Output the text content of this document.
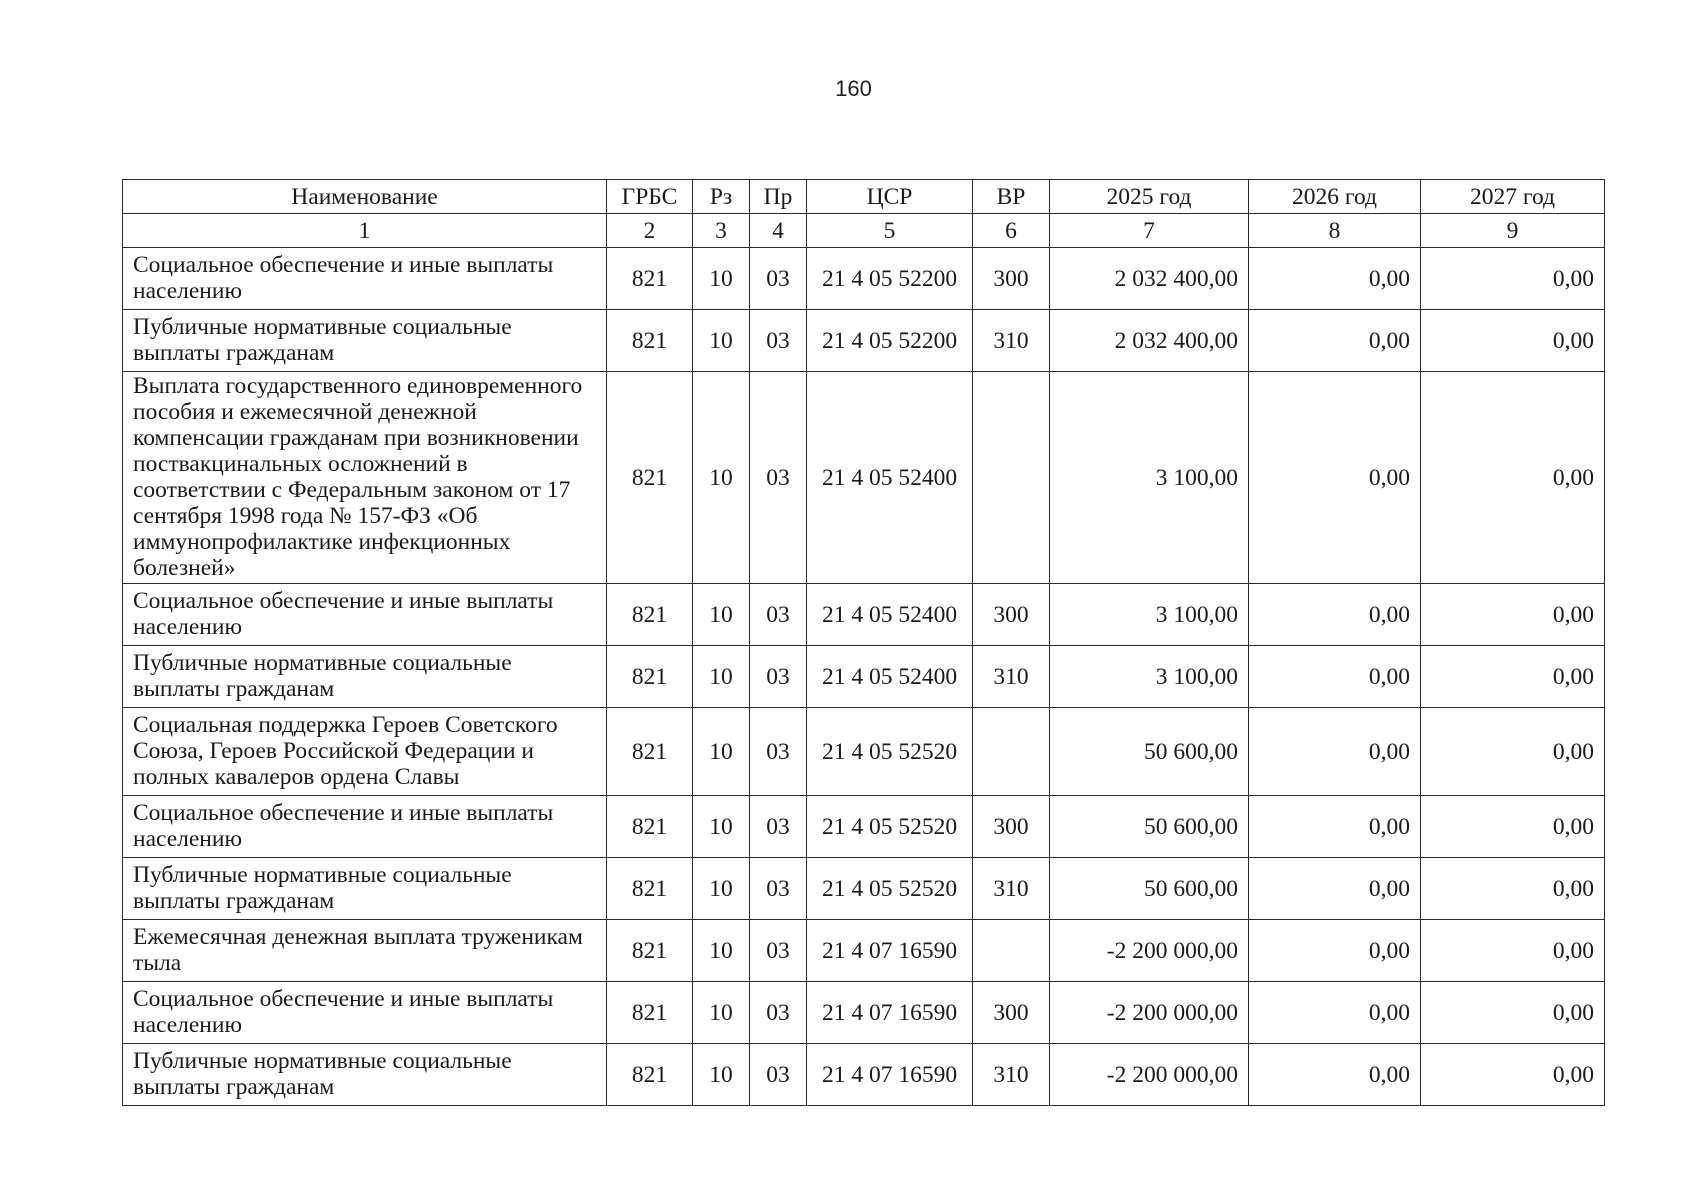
160
Наименование	ГРБС	Рз	Пр	ЦСР	ВР	2025 год	2026 год	2027 год
1	2	3	4	5	6	7	8	9
Социальное обеспечение и иные выплаты населению	821	10	03	21 4 05 52200	300	2 032 400,00	0,00	0,00
Публичные нормативные социальные выплаты гражданам	821	10	03	21 4 05 52200	310	2 032 400,00	0,00	0,00
Выплата государственного единовременного пособия и ежемесячной денежной компенсации гражданам при возникновении поствакцинальных осложнений в соответствии с Федеральным законом от 17 сентября 1998 года № 157-ФЗ «Об иммунопрофилактике инфекционных болезней»	821	10	03	21 4 05 52400		3 100,00	0,00	0,00
Социальное обеспечение и иные выплаты населению	821	10	03	21 4 05 52400	300	3 100,00	0,00	0,00
Публичные нормативные социальные выплаты гражданам	821	10	03	21 4 05 52400	310	3 100,00	0,00	0,00
Социальная поддержка Героев Советского Союза, Героев Российской Федерации и полных кавалеров ордена Славы	821	10	03	21 4 05 52520		50 600,00	0,00	0,00
Социальное обеспечение и иные выплаты населению	821	10	03	21 4 05 52520	300	50 600,00	0,00	0,00
Публичные нормативные социальные выплаты гражданам	821	10	03	21 4 05 52520	310	50 600,00	0,00	0,00
Ежемесячная денежная выплата труженикам тыла	821	10	03	21 4 07 16590		-2 200 000,00	0,00	0,00
Социальное обеспечение и иные выплаты населению	821	10	03	21 4 07 16590	300	-2 200 000,00	0,00	0,00
Публичные нормативные социальные выплаты гражданам	821	10	03	21 4 07 16590	310	-2 200 000,00	0,00	0,00
